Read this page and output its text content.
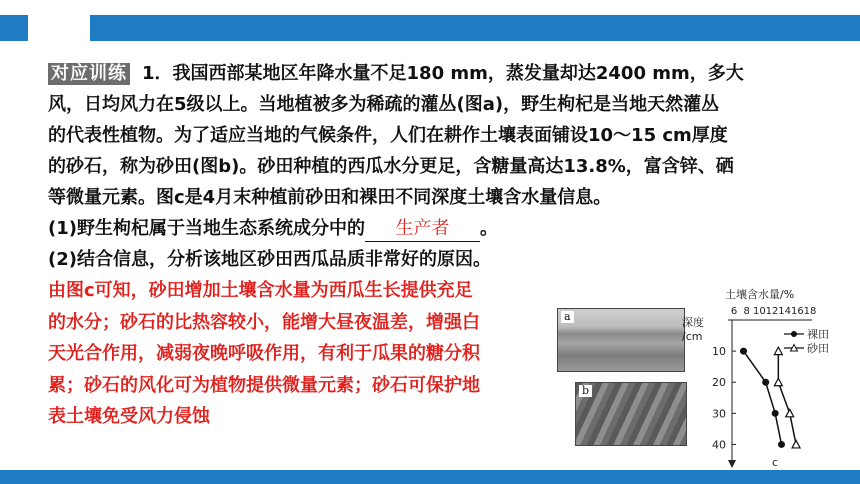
对应训练 1．我国西部某地区年降水量不足180 mm，蒸发量却达2400 mm，多大
风，日均风力在5级以上。当地植被多为稀疏的灌丛(图a)，野生枸杞是当地天然灌丛
的代表性植物。为了适应当地的气候条件，人们在耕作土壤表面铺设10～15 cm厚度
的砂石，称为砂田(图b)。砂田种植的西瓜水分更足，含糖量高达13.8%，富含锌、硒
等微量元素。图c是4月末种植前砂田和裸田不同深度土壤含水量信息。
(1)野生枸杞属于当地生态系统成分中的 生产者 。
(2)结合信息，分析该地区砂田西瓜品质非常好的原因。
由图c可知，砂田增加土壤含水量为西瓜生长提供充足
的水分；砂石的比热容较小，能增大昼夜温差，增强白
天光合作用，减弱夜晚呼吸作用，有利于瓜果的糖分积
累；砂石的风化可为植物提供微量元素；砂石可保护地
表土壤免受风力侵蚀
a
b
土壤含水量/%
6 8 10 12 14 16 18
深度
/cm
10
20
30
40
裸田
砂田
c
